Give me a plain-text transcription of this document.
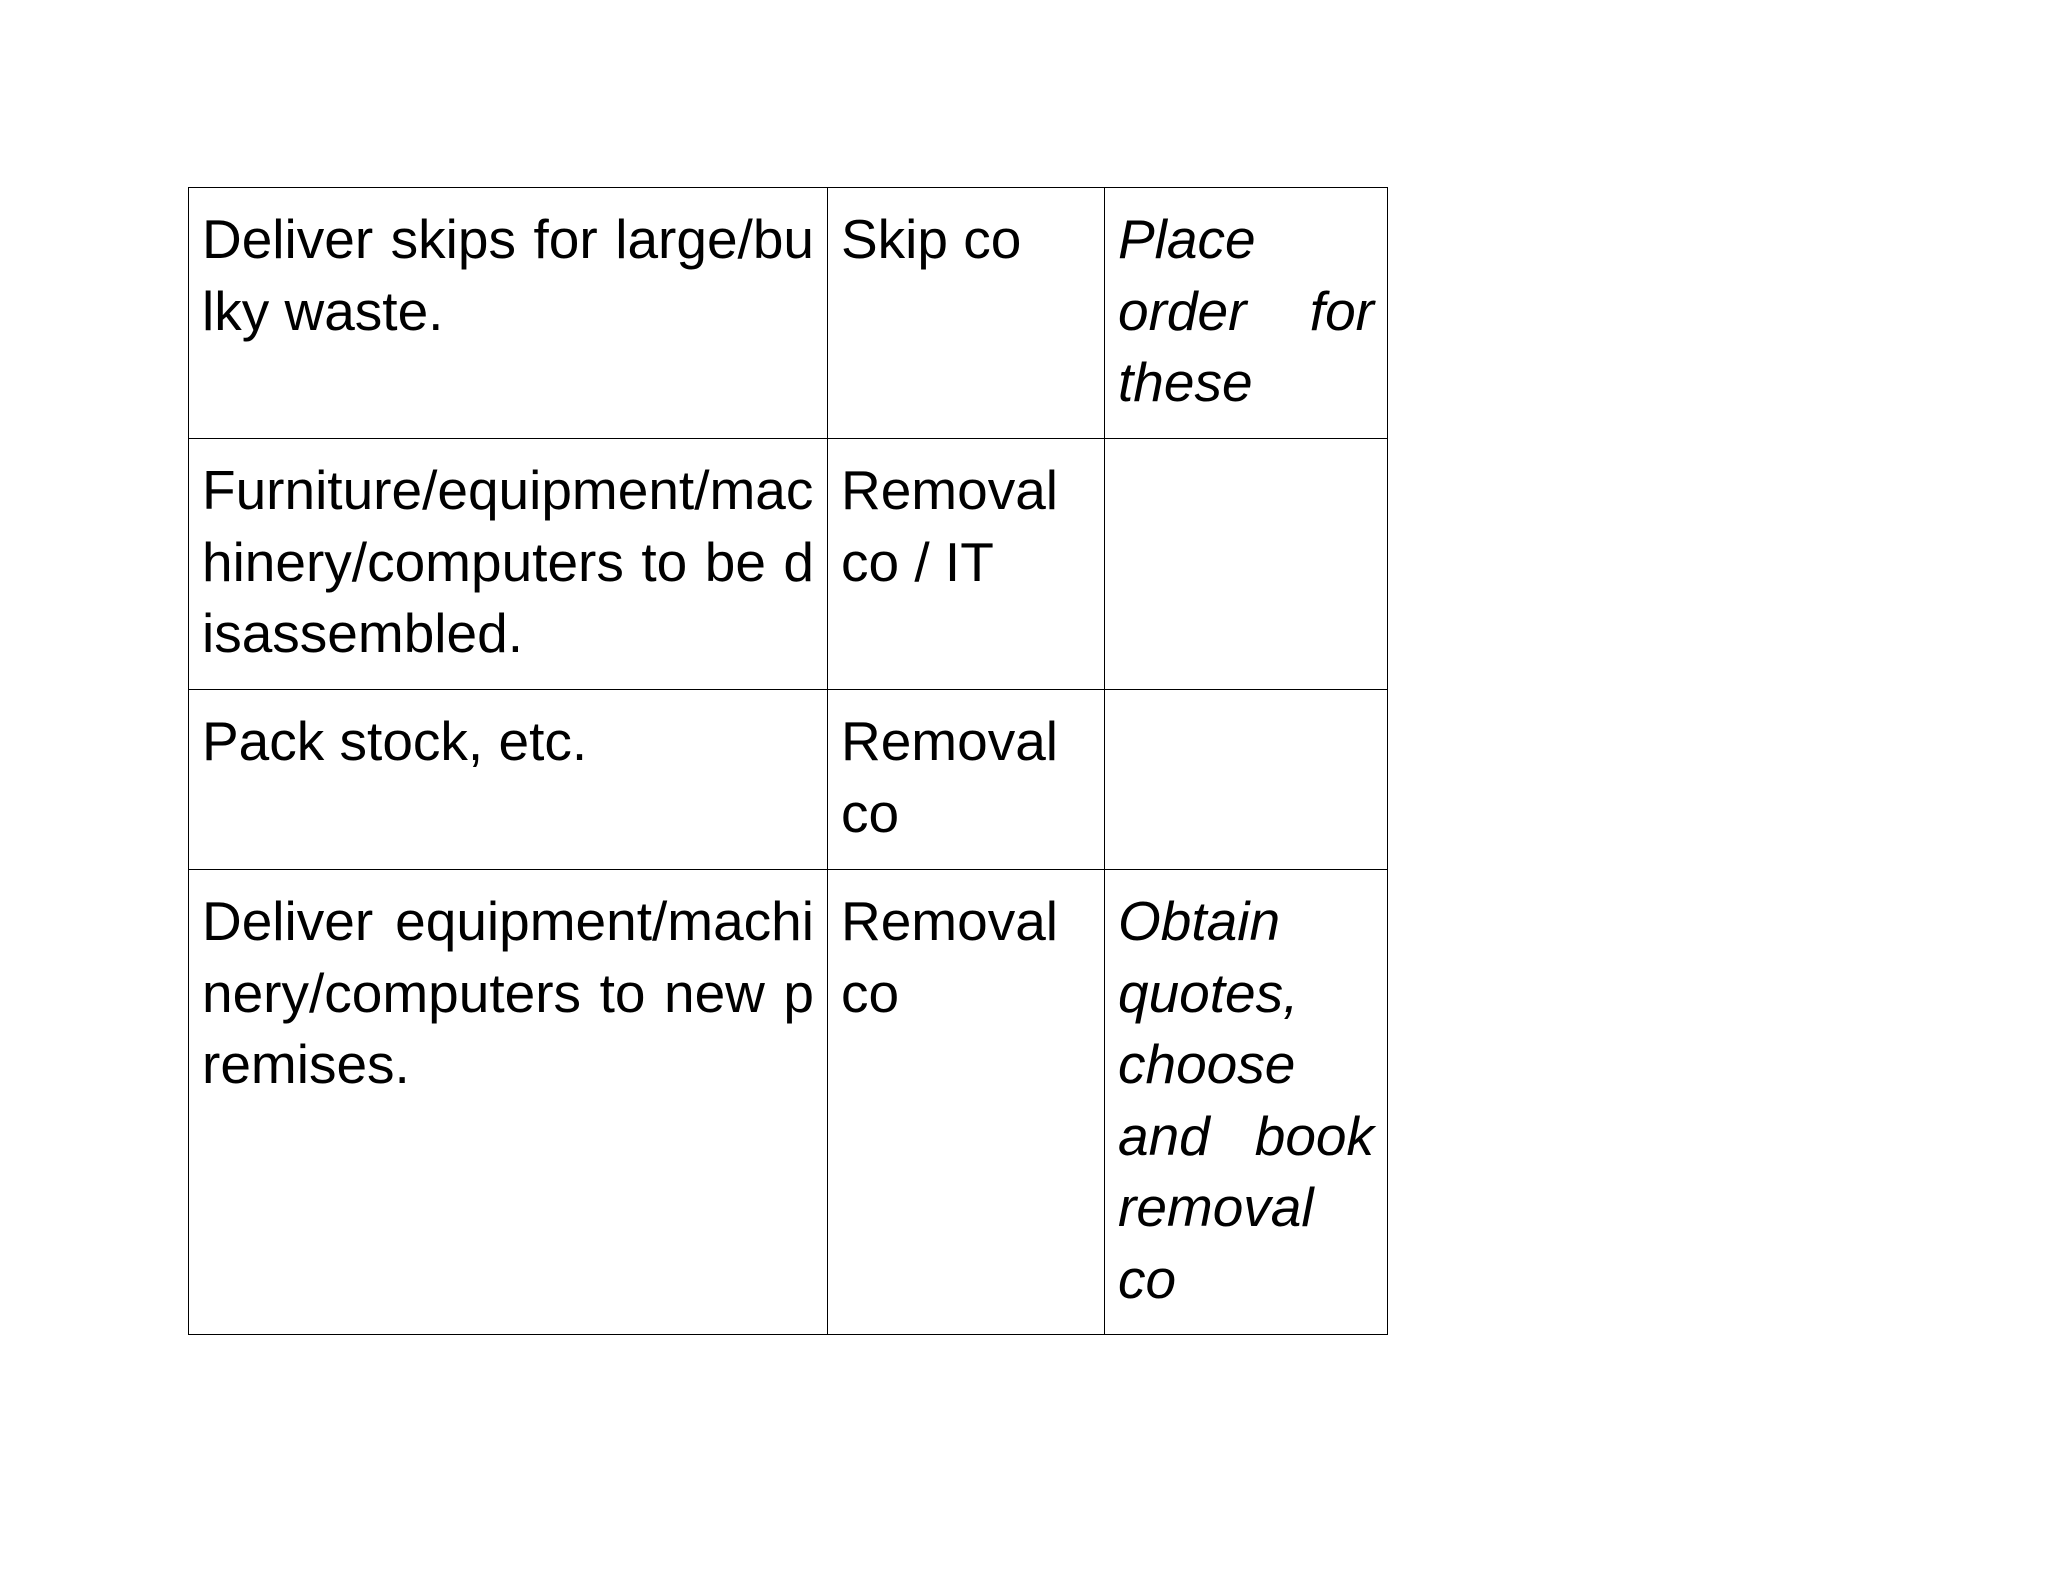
Deliver skips for large/bulky waste.	Skip co	Place order for these
Furniture/equipment/machinery/computers to be disassembled.	Removal co / IT	
Pack stock, etc.	Removal co	
Deliver equipment/machinery/computers to new premises.	Removal co	Obtain quotes, choose and book removal co
